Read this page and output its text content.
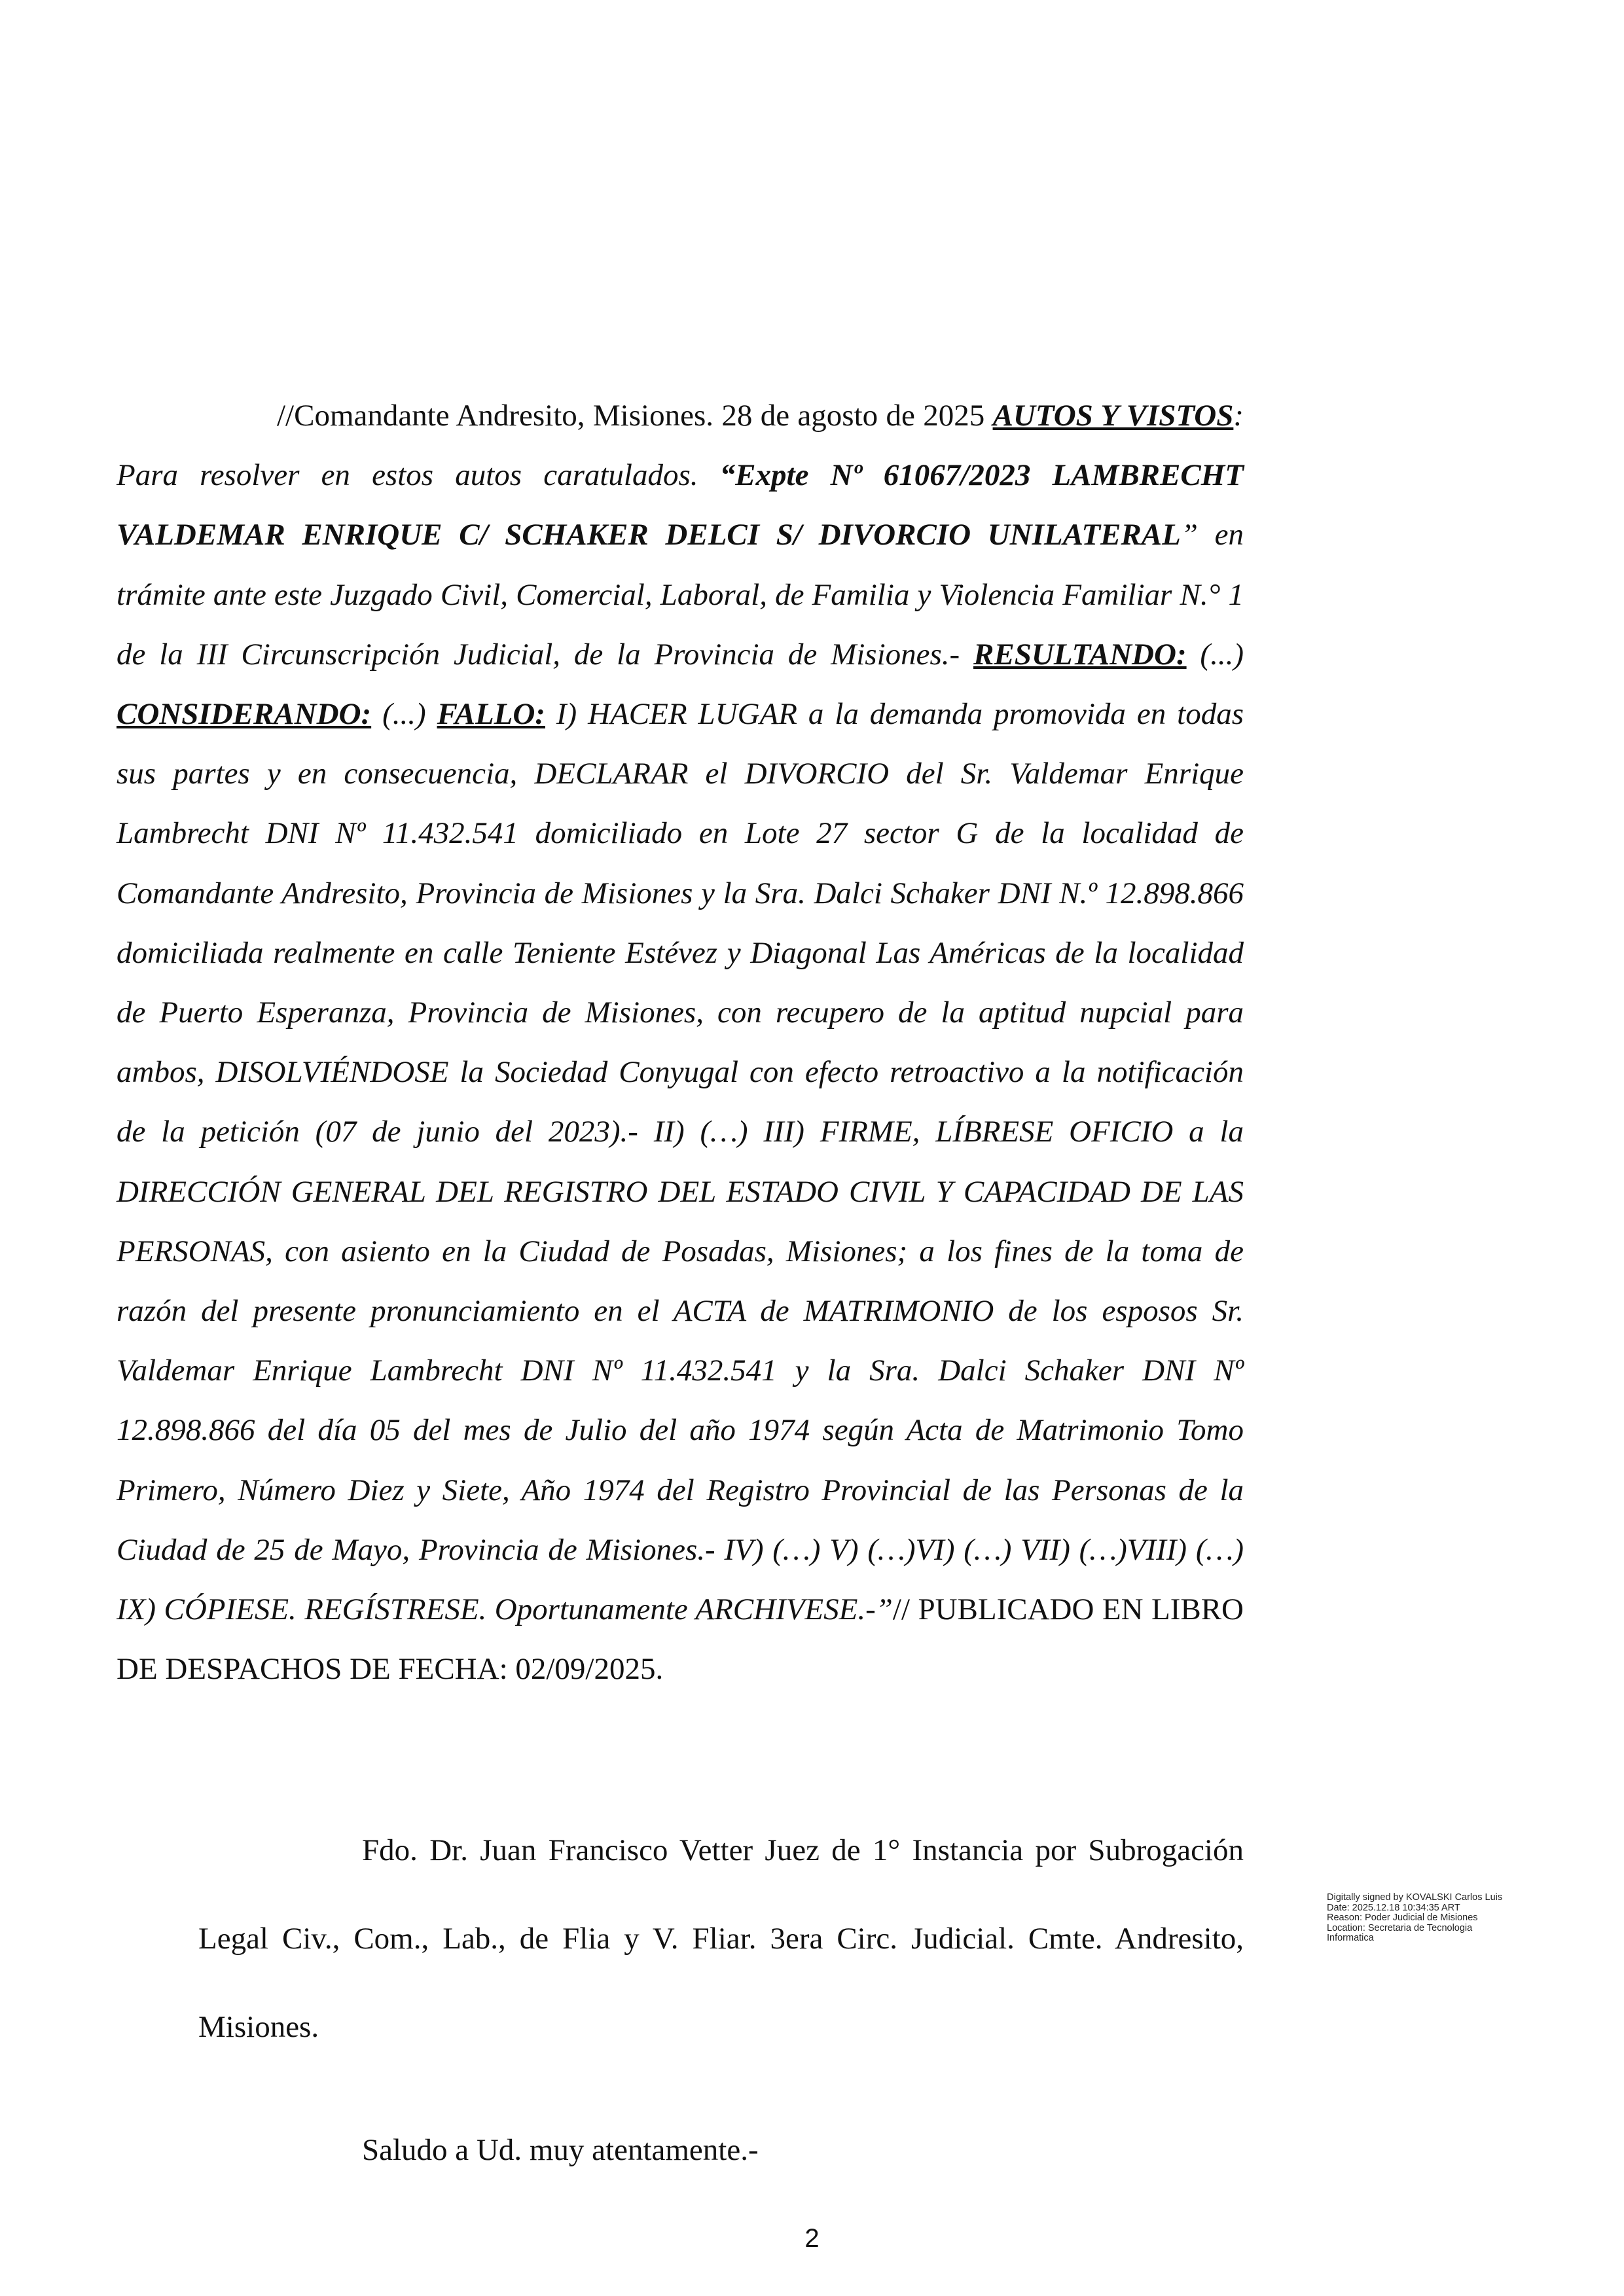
//Comandante Andresito, Misiones. 28 de agosto de 2025 AUTOS Y VISTOS: Para resolver en estos autos caratulados. “Expte Nº 61067/2023 LAMBRECHT VALDEMAR ENRIQUE C/ SCHAKER DELCI S/ DIVORCIO UNILATERAL” en trámite ante este Juzgado Civil, Comercial, Laboral, de Familia y Violencia Familiar N.° 1 de la III Circunscripción Judicial, de la Provincia de Misiones.- RESULTANDO: (...) CONSIDERANDO: (...) FALLO: I) HACER LUGAR a la demanda promovida en todas sus partes y en consecuencia, DECLARAR el DIVORCIO del Sr. Valdemar Enrique Lambrecht DNI Nº 11.432.541 domiciliado en Lote 27 sector G de la localidad de Comandante Andresito, Provincia de Misiones y la Sra. Dalci Schaker DNI N.º 12.898.866 domiciliada realmente en calle Teniente Estévez y Diagonal Las Américas de la localidad de Puerto Esperanza, Provincia de Misiones, con recupero de la aptitud nupcial para ambos, DISOLVIÉNDOSE la Sociedad Conyugal con efecto retroactivo a la notificación de la petición (07 de junio del 2023).- II) (…) III) FIRME, LÍBRESE OFICIO a la DIRECCIÓN GENERAL DEL REGISTRO DEL ESTADO CIVIL Y CAPACIDAD DE LAS PERSONAS, con asiento en la Ciudad de Posadas, Misiones; a los fines de la toma de razón del presente pronunciamiento en el ACTA de MATRIMONIO de los esposos Sr. Valdemar Enrique Lambrecht DNI Nº 11.432.541 y la Sra. Dalci Schaker DNI Nº 12.898.866 del día 05 del mes de Julio del año 1974 según Acta de Matrimonio Tomo Primero, Número Diez y Siete, Año 1974 del Registro Provincial de las Personas de la Ciudad de 25 de Mayo, Provincia de Misiones.- IV) (…) V) (…)VI) (…) VII) (…)VIII) (…) IX) CÓPIESE. REGÍSTRESE. Oportunamente ARCHIVESE.-”// PUBLICADO EN LIBRO DE DESPACHOS DE FECHA: 02/09/2025.

Fdo. Dr. Juan Francisco Vetter Juez de 1° Instancia por Subrogación Legal Civ., Com., Lab., de Flia y V. Fliar. 3era Circ. Judicial. Cmte. Andresito, Misiones.

Saludo a Ud. muy atentamente.-

Digitally signed by KOVALSKI Carlos Luis
Date: 2025.12.18 10:34:35 ART
Reason: Poder Judicial de Misiones
Location: Secretaria de Tecnologia
Informatica
2
